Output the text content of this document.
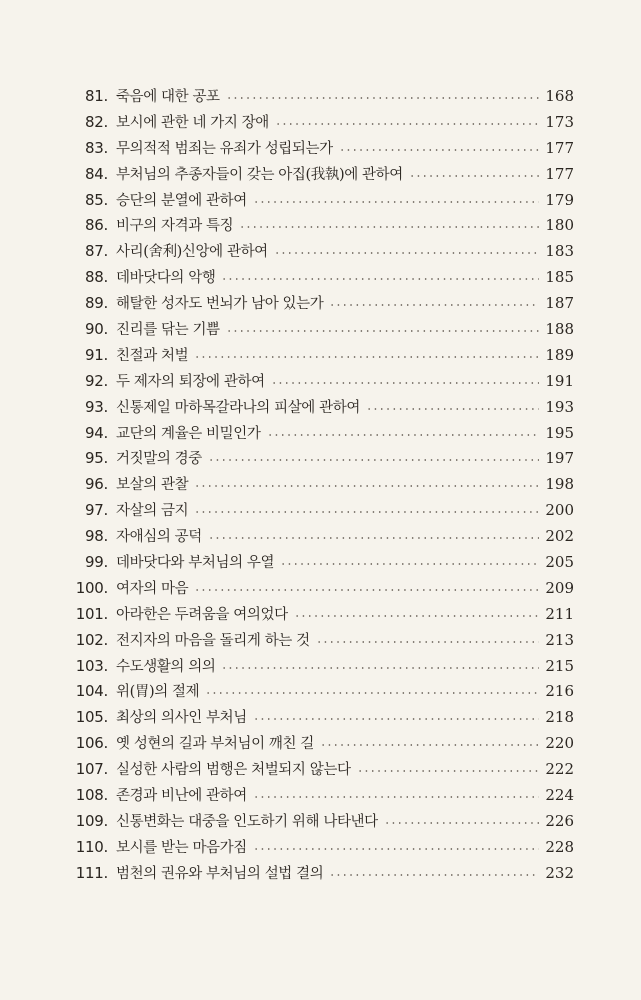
81. 죽음에 대한 공포	168
82. 보시에 관한 네 가지 장애	173
83. 무의적적 범죄는 유죄가 성립되는가	177
84. 부처님의 추종자들이 갖는 아집(我執)에 관하여	177
85. 승단의 분열에 관하여	179
86. 비구의 자격과 특징	180
87. 사리(舍利)신앙에 관하여	183
88. 데바닷다의 악행	185
89. 해탈한 성자도 번뇌가 남아 있는가	187
90. 진리를 닦는 기쁨	188
91. 친절과 처벌	189
92. 두 제자의 퇴장에 관하여	191
93. 신통제일 마하목갈라나의 피살에 관하여	193
94. 교단의 계율은 비밀인가	195
95. 거짓말의 경중	197
96. 보살의 관찰	198
97. 자살의 금지	200
98. 자애심의 공덕	202
99. 데바닷다와 부처님의 우열	205
100. 여자의 마음	209
101. 아라한은 두려움을 여의었다	211
102. 전지자의 마음을 돌리게 하는 것	213
103. 수도생활의 의의	215
104. 위(胃)의 절제	216
105. 최상의 의사인 부처님	218
106. 옛 성현의 길과 부처님이 깨친 길	220
107. 실성한 사람의 범행은 처벌되지 않는다	222
108. 존경과 비난에 관하여	224
109. 신통변화는 대중을 인도하기 위해 나타낸다	226
110. 보시를 받는 마음가짐	228
111. 범천의 권유와 부처님의 설법 결의	232
